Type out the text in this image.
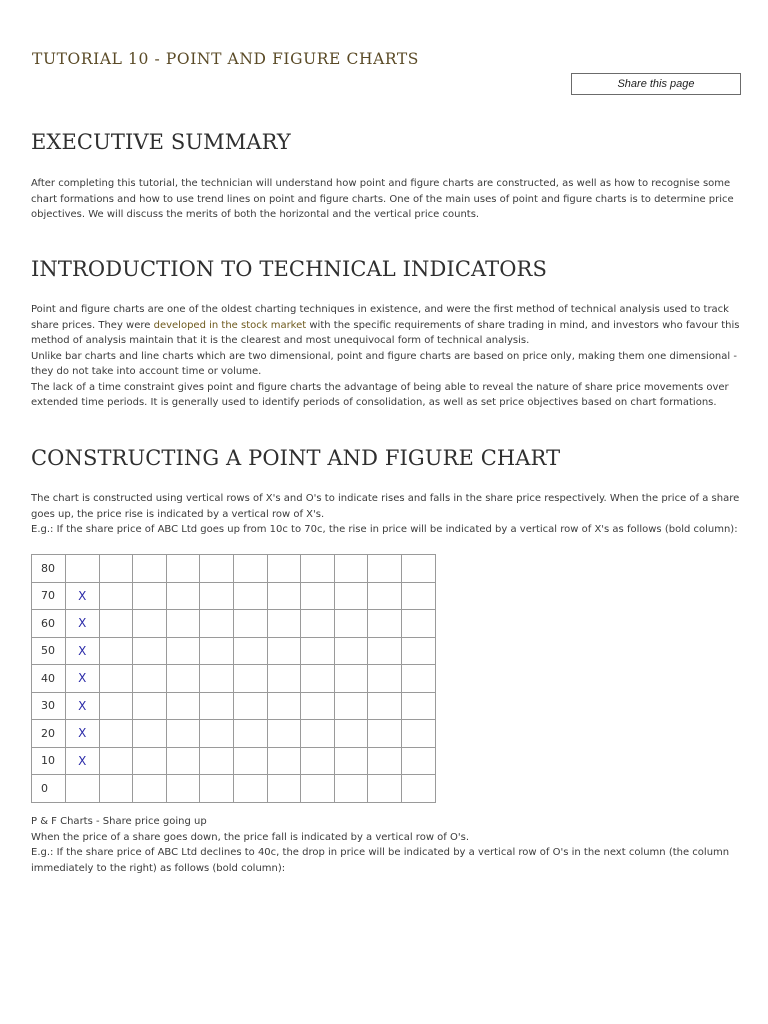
TUTORIAL 10 - POINT AND FIGURE CHARTS
Share this page
EXECUTIVE SUMMARY

After completing this tutorial, the technician will understand how point and figure charts are constructed, as well as how to recognise some chart formations and how to use trend lines on point and figure charts. One of the main uses of point and figure charts is to determine price objectives. We will discuss the merits of both the horizontal and the vertical price counts.

INTRODUCTION TO TECHNICAL INDICATORS

Point and figure charts are one of the oldest charting techniques in existence, and were the first method of technical analysis used to track share prices. They were developed in the stock market with the specific requirements of share trading in mind, and investors who favour this method of analysis maintain that it is the clearest and most unequivocal form of technical analysis.

Unlike bar charts and line charts which are two dimensional, point and figure charts are based on price only, making them one dimensional - they do not take into account time or volume.

The lack of a time constraint gives point and figure charts the advantage of being able to reveal the nature of share price movements over extended time periods. It is generally used to identify periods of consolidation, as well as set price objectives based on chart formations.

CONSTRUCTING A POINT AND FIGURE CHART

The chart is constructed using vertical rows of X's and O's to indicate rises and falls in the share price respectively. When the price of a share goes up, the price rise is indicated by a vertical row of X's.

E.g.: If the share price of ABC Ltd goes up from 10c to 70c, the rise in price will be indicated by a vertical row of X's as follows (bold column):

80											
70	X										
60	X										
50	X										
40	X										
30	X										
20	X										
10	X										
0											

P & F Charts - Share price going up

When the price of a share goes down, the price fall is indicated by a vertical row of O's.

E.g.: If the share price of ABC Ltd declines to 40c, the drop in price will be indicated by a vertical row of O's in the next column (the column immediately to the right) as follows (bold column):
